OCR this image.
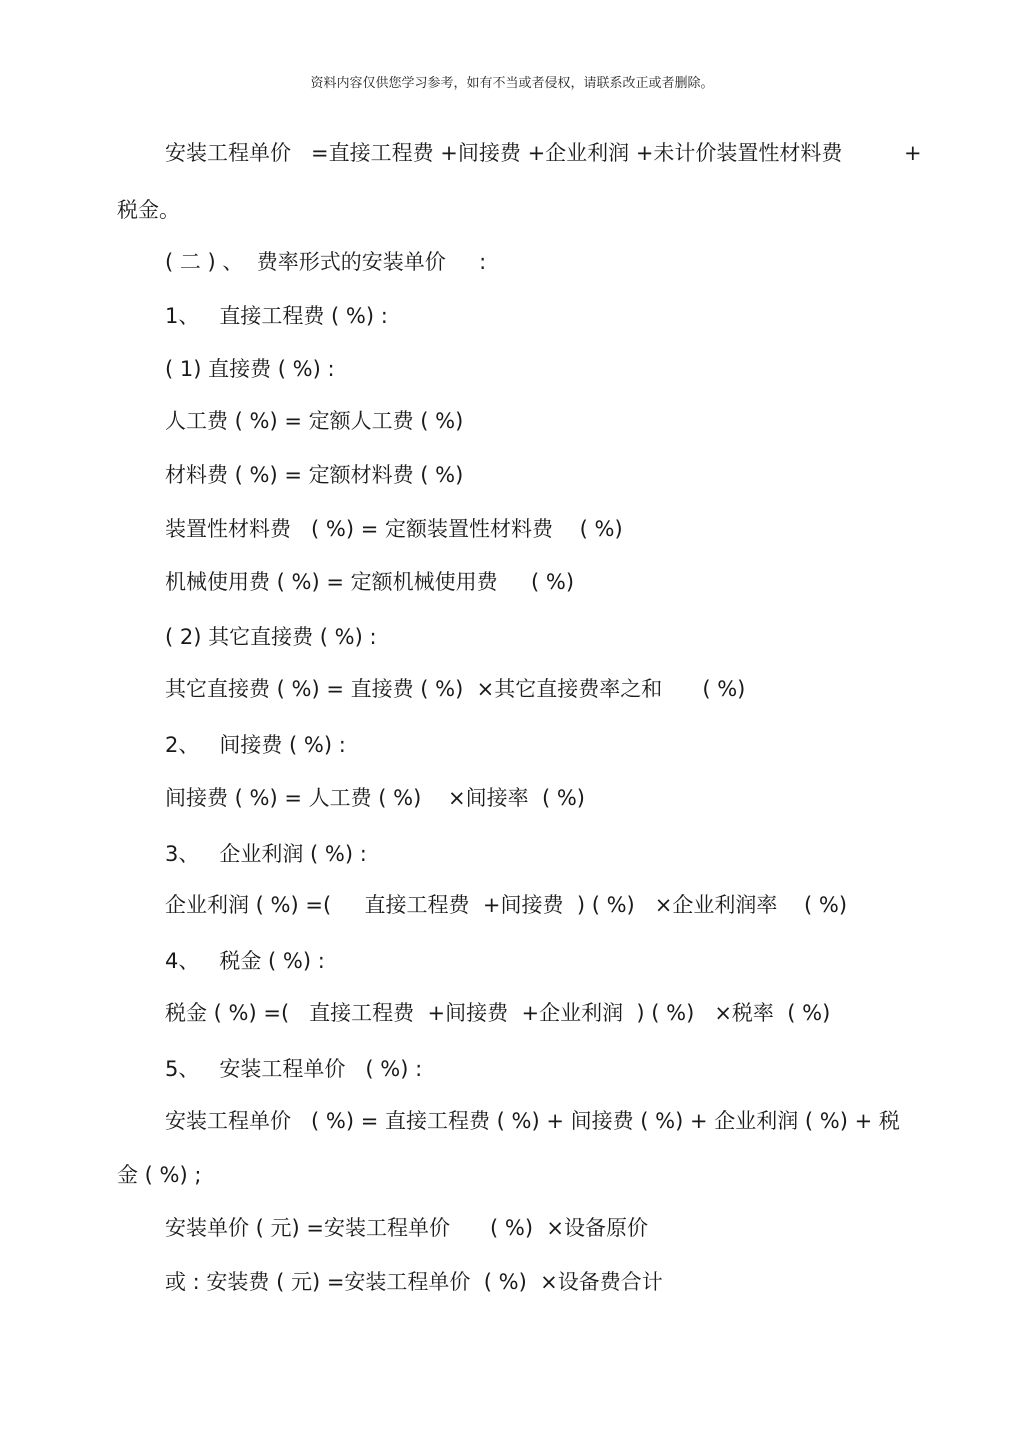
资料内容仅供您学习参考，如有不当或者侵权，请联系改正或者删除。
安装工程单价   =直接工程费 +间接费 +企业利润 +未计价装置性材料费	+
税金。
( 二 ) 、  费率形式的安装单价     :
1、   直接工程费 ( %) :
( 1) 直接费 ( %) :
人工费 ( %) = 定额人工费 ( %)
材料费 ( %) = 定额材料费 ( %)
装置性材料费   ( %) = 定额装置性材料费    ( %)
机械使用费 ( %) = 定额机械使用费     ( %)
( 2) 其它直接费 ( %) :
其它直接费 ( %) = 直接费 ( %)  ×其它直接费率之和      ( %)
2、   间接费 ( %) :
间接费 ( %) = 人工费 ( %)    ×间接率  ( %)
3、   企业利润 ( %) :
企业利润 ( %) =(     直接工程费  +间接费  ) ( %)   ×企业利润率    ( %)
4、   税金 ( %) :
税金 ( %) =(   直接工程费  +间接费  +企业利润  ) ( %)   ×税率  ( %)
5、   安装工程单价   ( %) :
安装工程单价   ( %) = 直接工程费 ( %) + 间接费 ( %) + 企业利润 ( %) + 税
金 ( %) ;
安装单价 ( 元) =安装工程单价      ( %)  ×设备原价
或 : 安装费 ( 元) =安装工程单价  ( %)  ×设备费合计
